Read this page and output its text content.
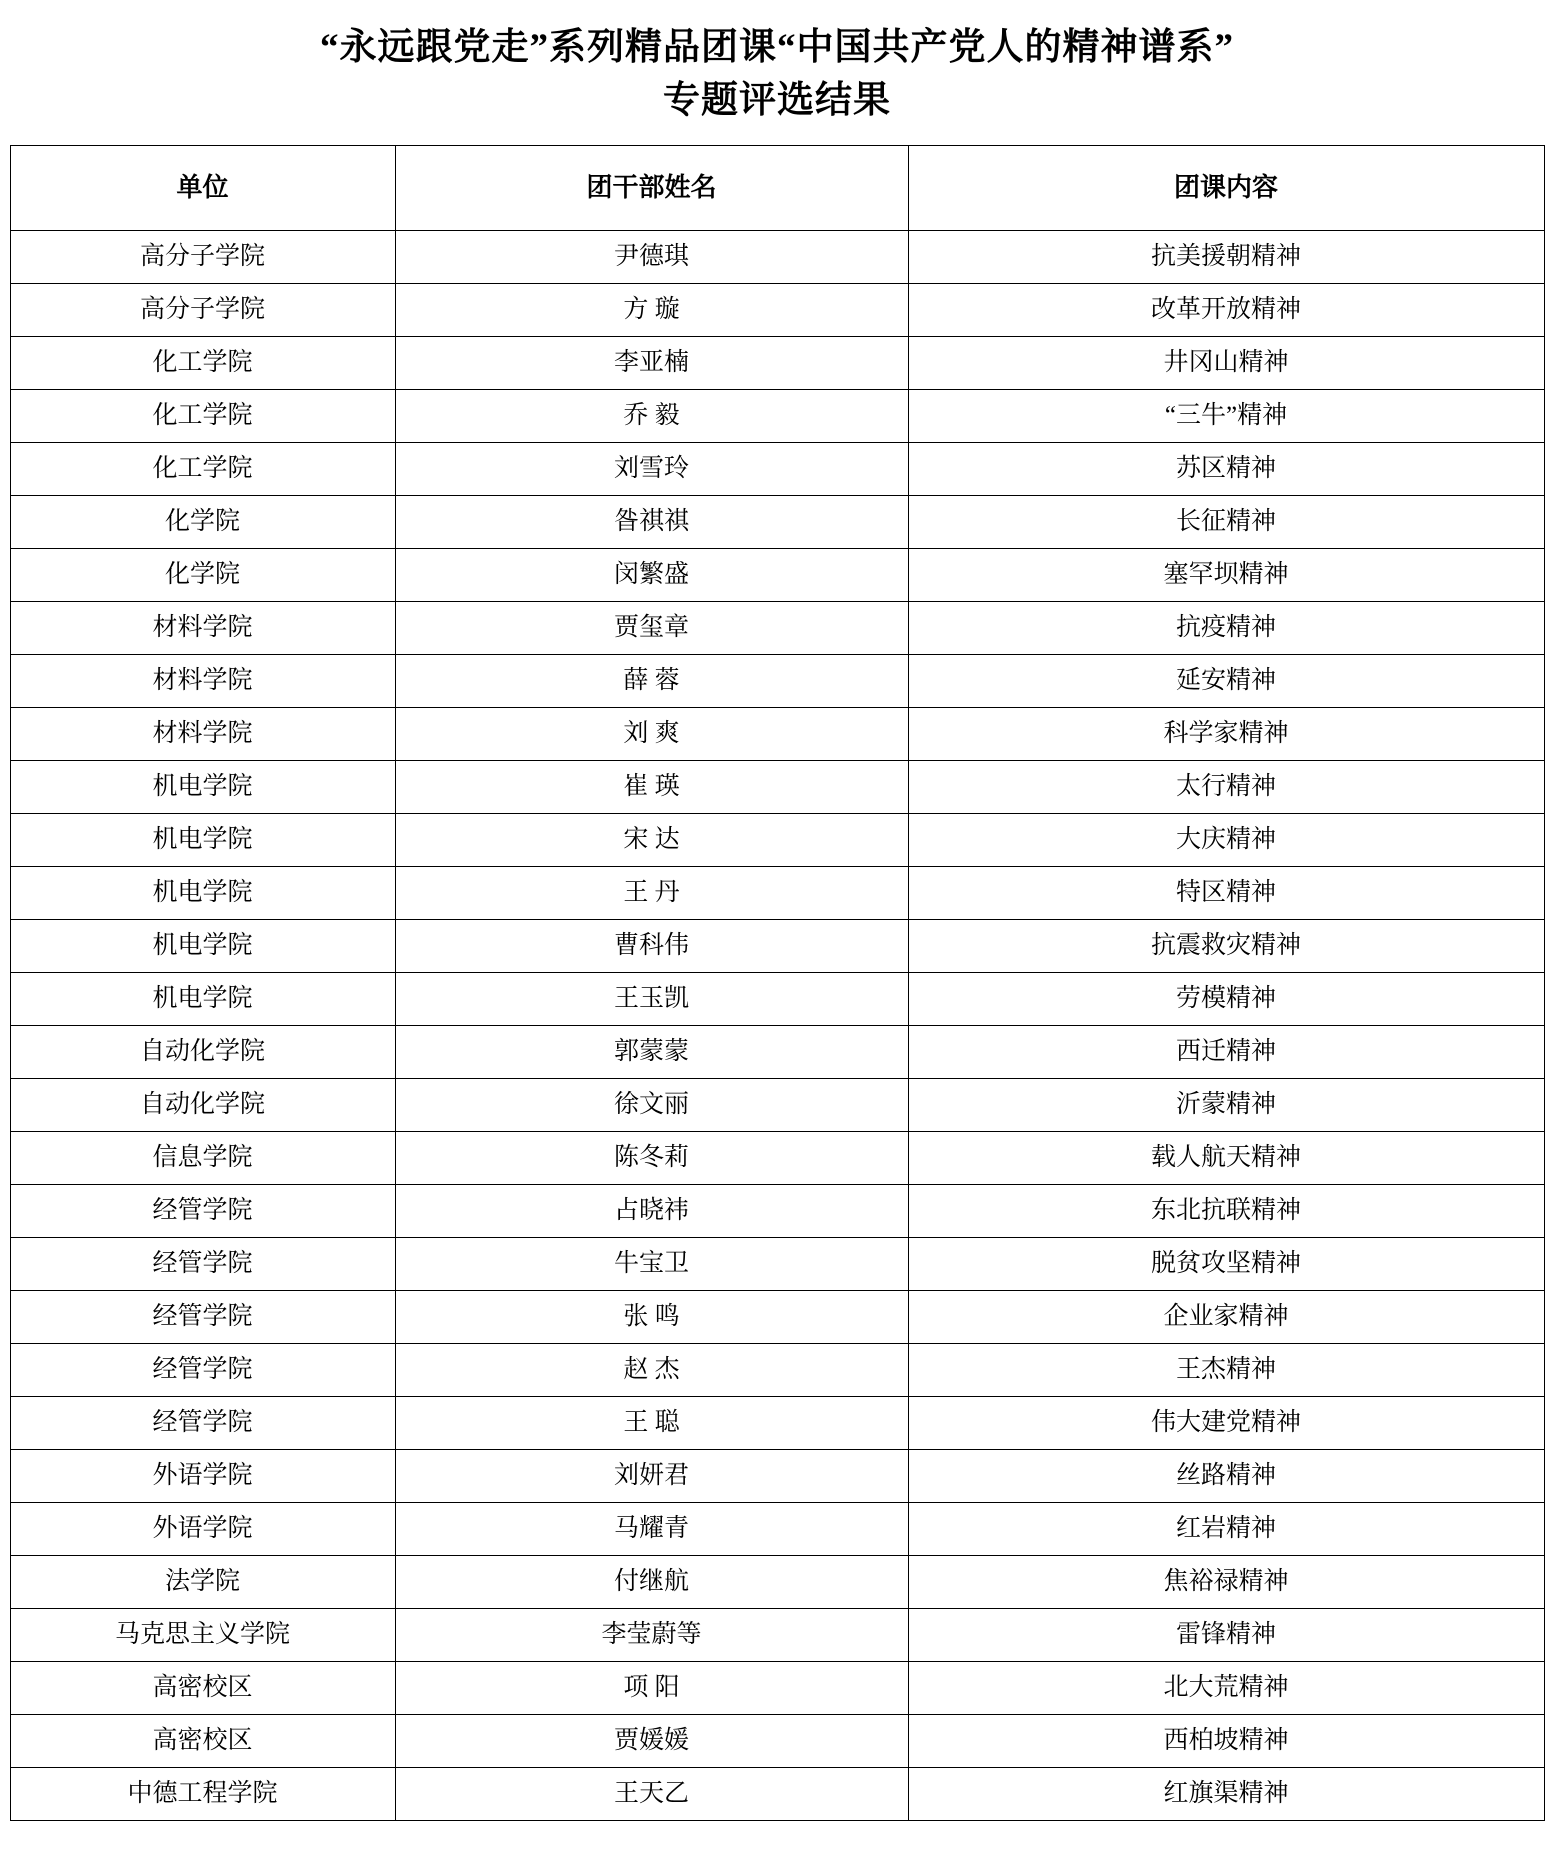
“永远跟党走”系列精品团课“中国共产党人的精神谱系”
专题评选结果
单位	团干部姓名	团课内容
高分子学院	尹德琪	抗美援朝精神
高分子学院	方 璇	改革开放精神
化工学院	李亚楠	井冈山精神
化工学院	乔 毅	“三牛”精神
化工学院	刘雪玲	苏区精神
化学院	昝祺祺	长征精神
化学院	闵繁盛	塞罕坝精神
材料学院	贾玺章	抗疫精神
材料学院	薛 蓉	延安精神
材料学院	刘 爽	科学家精神
机电学院	崔 瑛	太行精神
机电学院	宋 达	大庆精神
机电学院	王 丹	特区精神
机电学院	曹科伟	抗震救灾精神
机电学院	王玉凯	劳模精神
自动化学院	郭蒙蒙	西迁精神
自动化学院	徐文丽	沂蒙精神
信息学院	陈冬莉	载人航天精神
经管学院	占晓祎	东北抗联精神
经管学院	牛宝卫	脱贫攻坚精神
经管学院	张 鸣	企业家精神
经管学院	赵 杰	王杰精神
经管学院	王 聪	伟大建党精神
外语学院	刘妍君	丝路精神
外语学院	马耀青	红岩精神
法学院	付继航	焦裕禄精神
马克思主义学院	李莹蔚等	雷锋精神
高密校区	项 阳	北大荒精神
高密校区	贾媛媛	西柏坡精神
中德工程学院	王天乙	红旗渠精神
